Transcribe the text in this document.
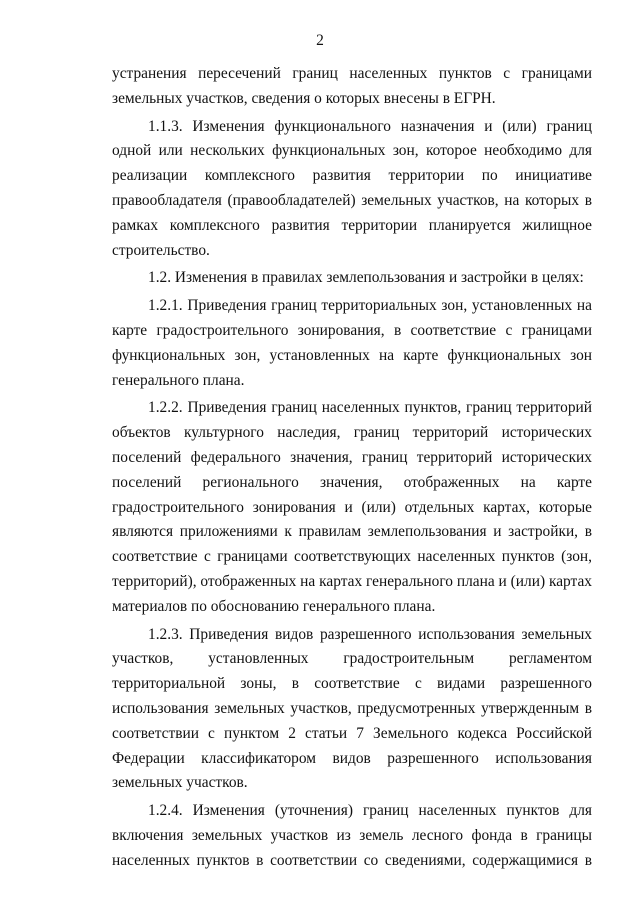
2

устранения пересечений границ населенных пунктов с границами земельных участков, сведения о которых внесены в ЕГРН.

1.1.3. Изменения функционального назначения и (или) границ одной или нескольких функциональных зон, которое необходимо для реализации комплексного развития территории по инициативе правообладателя (правообладателей) земельных участков, на которых в рамках комплексного развития территории планируется жилищное строительство.

1.2. Изменения в правилах землепользования и застройки в целях:

1.2.1. Приведения границ территориальных зон, установленных на карте градостроительного зонирования, в соответствие с границами функциональных зон, установленных на карте функциональных зон генерального плана.

1.2.2. Приведения границ населенных пунктов, границ территорий объектов культурного наследия, границ территорий исторических поселений федерального значения, границ территорий исторических поселений регионального значения, отображенных на карте градостроительного зонирования и (или) отдельных картах, которые являются приложениями к правилам землепользования и застройки, в соответствие с границами соответствующих населенных пунктов (зон, территорий), отображенных на картах генерального плана и (или) картах материалов по обоснованию генерального плана.

1.2.3. Приведения видов разрешенного использования земельных участков, установленных градостроительным регламентом территориальной зоны, в соответствие с видами разрешенного использования земельных участков, предусмотренных утвержденным в соответствии с пунктом 2 статьи 7 Земельного кодекса Российской Федерации классификатором видов разрешенного использования земельных участков.

1.2.4. Изменения (уточнения) границ населенных пунктов для включения земельных участков из земель лесного фонда в границы населенных пунктов в соответствии со сведениями, содержащимися в
